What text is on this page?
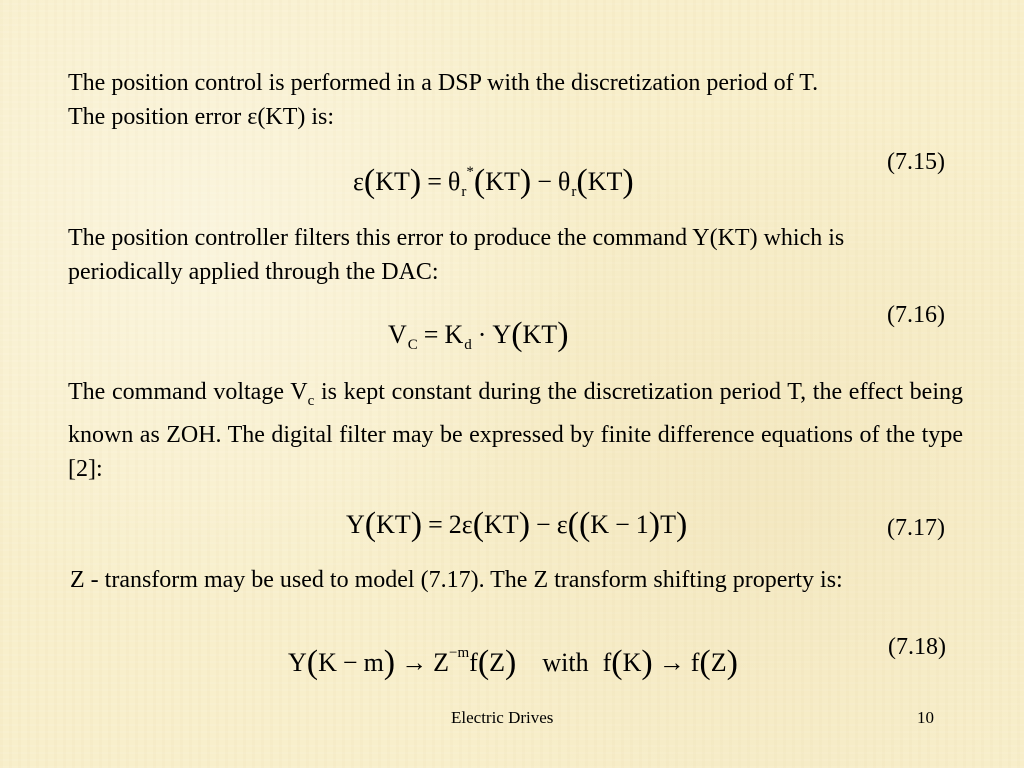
The position control is performed in a DSP with the discretization period of T.
The position error ε(KT) is:

$\varepsilon(KT) = \theta_r^*(KT) - \theta_r(KT)$
(7.15)

The position controller filters this error to produce the command Y(KT) which is periodically applied through the DAC:

$V_C = K_d \cdot Y(KT)$
(7.16)

The command voltage $V_c$ is kept constant during the discretization period T, the effect being known as ZOH. The digital filter may be expressed by finite difference equations of the type [2]:

Y(KT) = 2ε(KT) − ε((K − 1)T)	(7.17)

Z - transform may be used to model (7.17). The Z transform shifting property is:

$Y(K - m) \to Z^{-m}f(Z)$ with f(K) → f(Z)	(7.18)
Electric Drives	10
